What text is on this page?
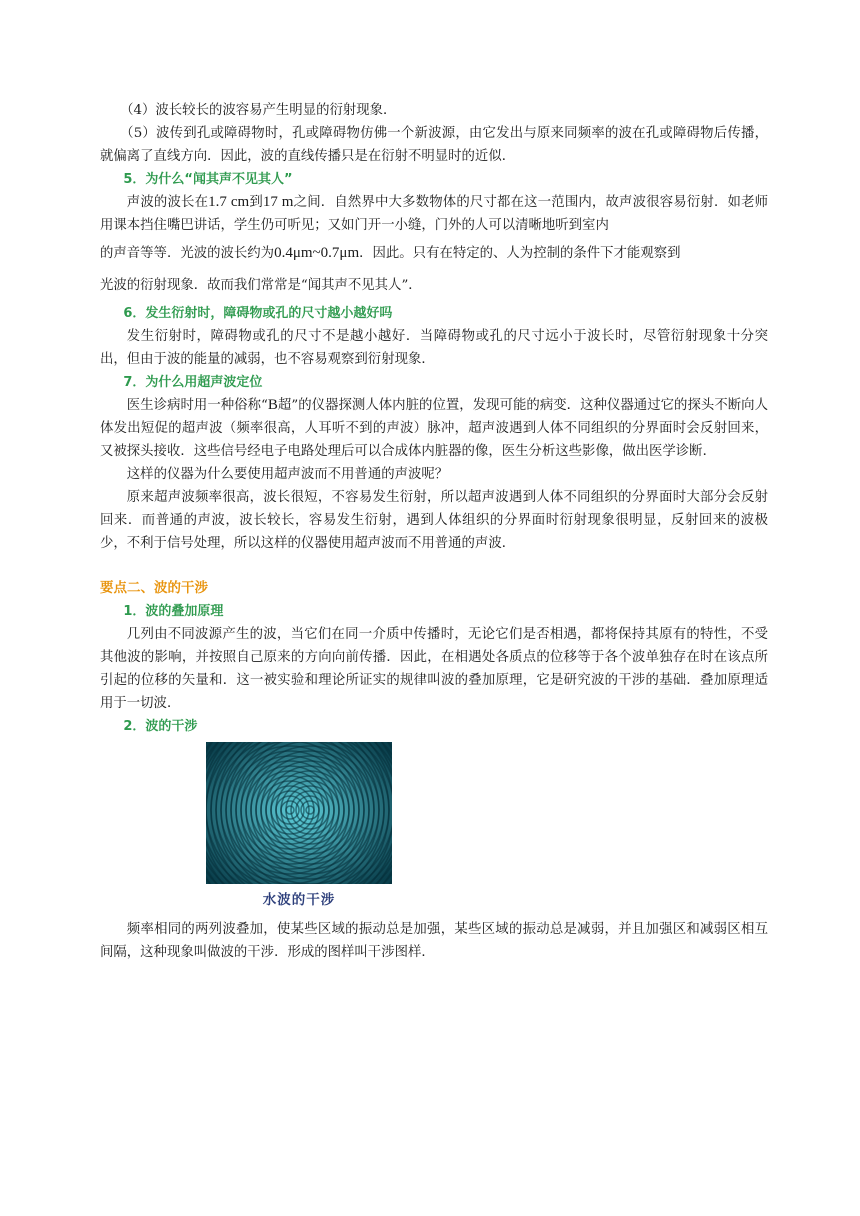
（4）波长较长的波容易产生明显的衍射现象．

（5）波传到孔或障碍物时，孔或障碍物仿佛一个新波源，由它发出与原来同频率的波在孔或障碍物后传播，就偏离了直线方向．因此，波的直线传播只是在衍射不明显时的近似．

5．为什么“闻其声不见其人”

声波的波长在1.7 cm到17 m之间．自然界中大多数物体的尺寸都在这一范围内，故声波很容易衍射．如老师用课本挡住嘴巴讲话，学生仍可听见；又如门开一小缝，门外的人可以清晰地听到室内

的声音等等．光波的波长约为0.4μm~0.7μm．因此。只有在特定的、人为控制的条件下才能观察到

光波的衍射现象．故而我们常常是“闻其声不见其人”．

6．发生衍射时，障碍物或孔的尺寸越小越好吗

发生衍射时，障碍物或孔的尺寸不是越小越好．当障碍物或孔的尺寸远小于波长时，尽管衍射现象十分突出，但由于波的能量的减弱，也不容易观察到衍射现象．

7．为什么用超声波定位

医生诊病时用一种俗称“B超”的仪器探测人体内脏的位置，发现可能的病变．这种仪器通过它的探头不断向人体发出短促的超声波（频率很高，人耳听不到的声波）脉冲，超声波遇到人体不同组织的分界面时会反射回来，又被探头接收．这些信号经电子电路处理后可以合成体内脏器的像，医生分析这些影像，做出医学诊断．

这样的仪器为什么要使用超声波而不用普通的声波呢？

原来超声波频率很高，波长很短，不容易发生衍射，所以超声波遇到人体不同组织的分界面时大部分会反射回来．而普通的声波，波长较长，容易发生衍射，遇到人体组织的分界面时衍射现象很明显，反射回来的波极少，不利于信号处理，所以这样的仪器使用超声波而不用普通的声波．

要点二、波的干涉

1．波的叠加原理

几列由不同波源产生的波，当它们在同一介质中传播时，无论它们是否相遇，都将保持其原有的特性，不受其他波的影响，并按照自己原来的方向向前传播．因此，在相遇处各质点的位移等于各个波单独存在时在该点所引起的位移的矢量和．这一被实验和理论所证实的规律叫波的叠加原理，它是研究波的干涉的基础．叠加原理适用于一切波．

2．波的干涉

水波的干涉

频率相同的两列波叠加，使某些区域的振动总是加强，某些区域的振动总是减弱，并且加强区和减弱区相互间隔，这种现象叫做波的干涉．形成的图样叫干涉图样．
